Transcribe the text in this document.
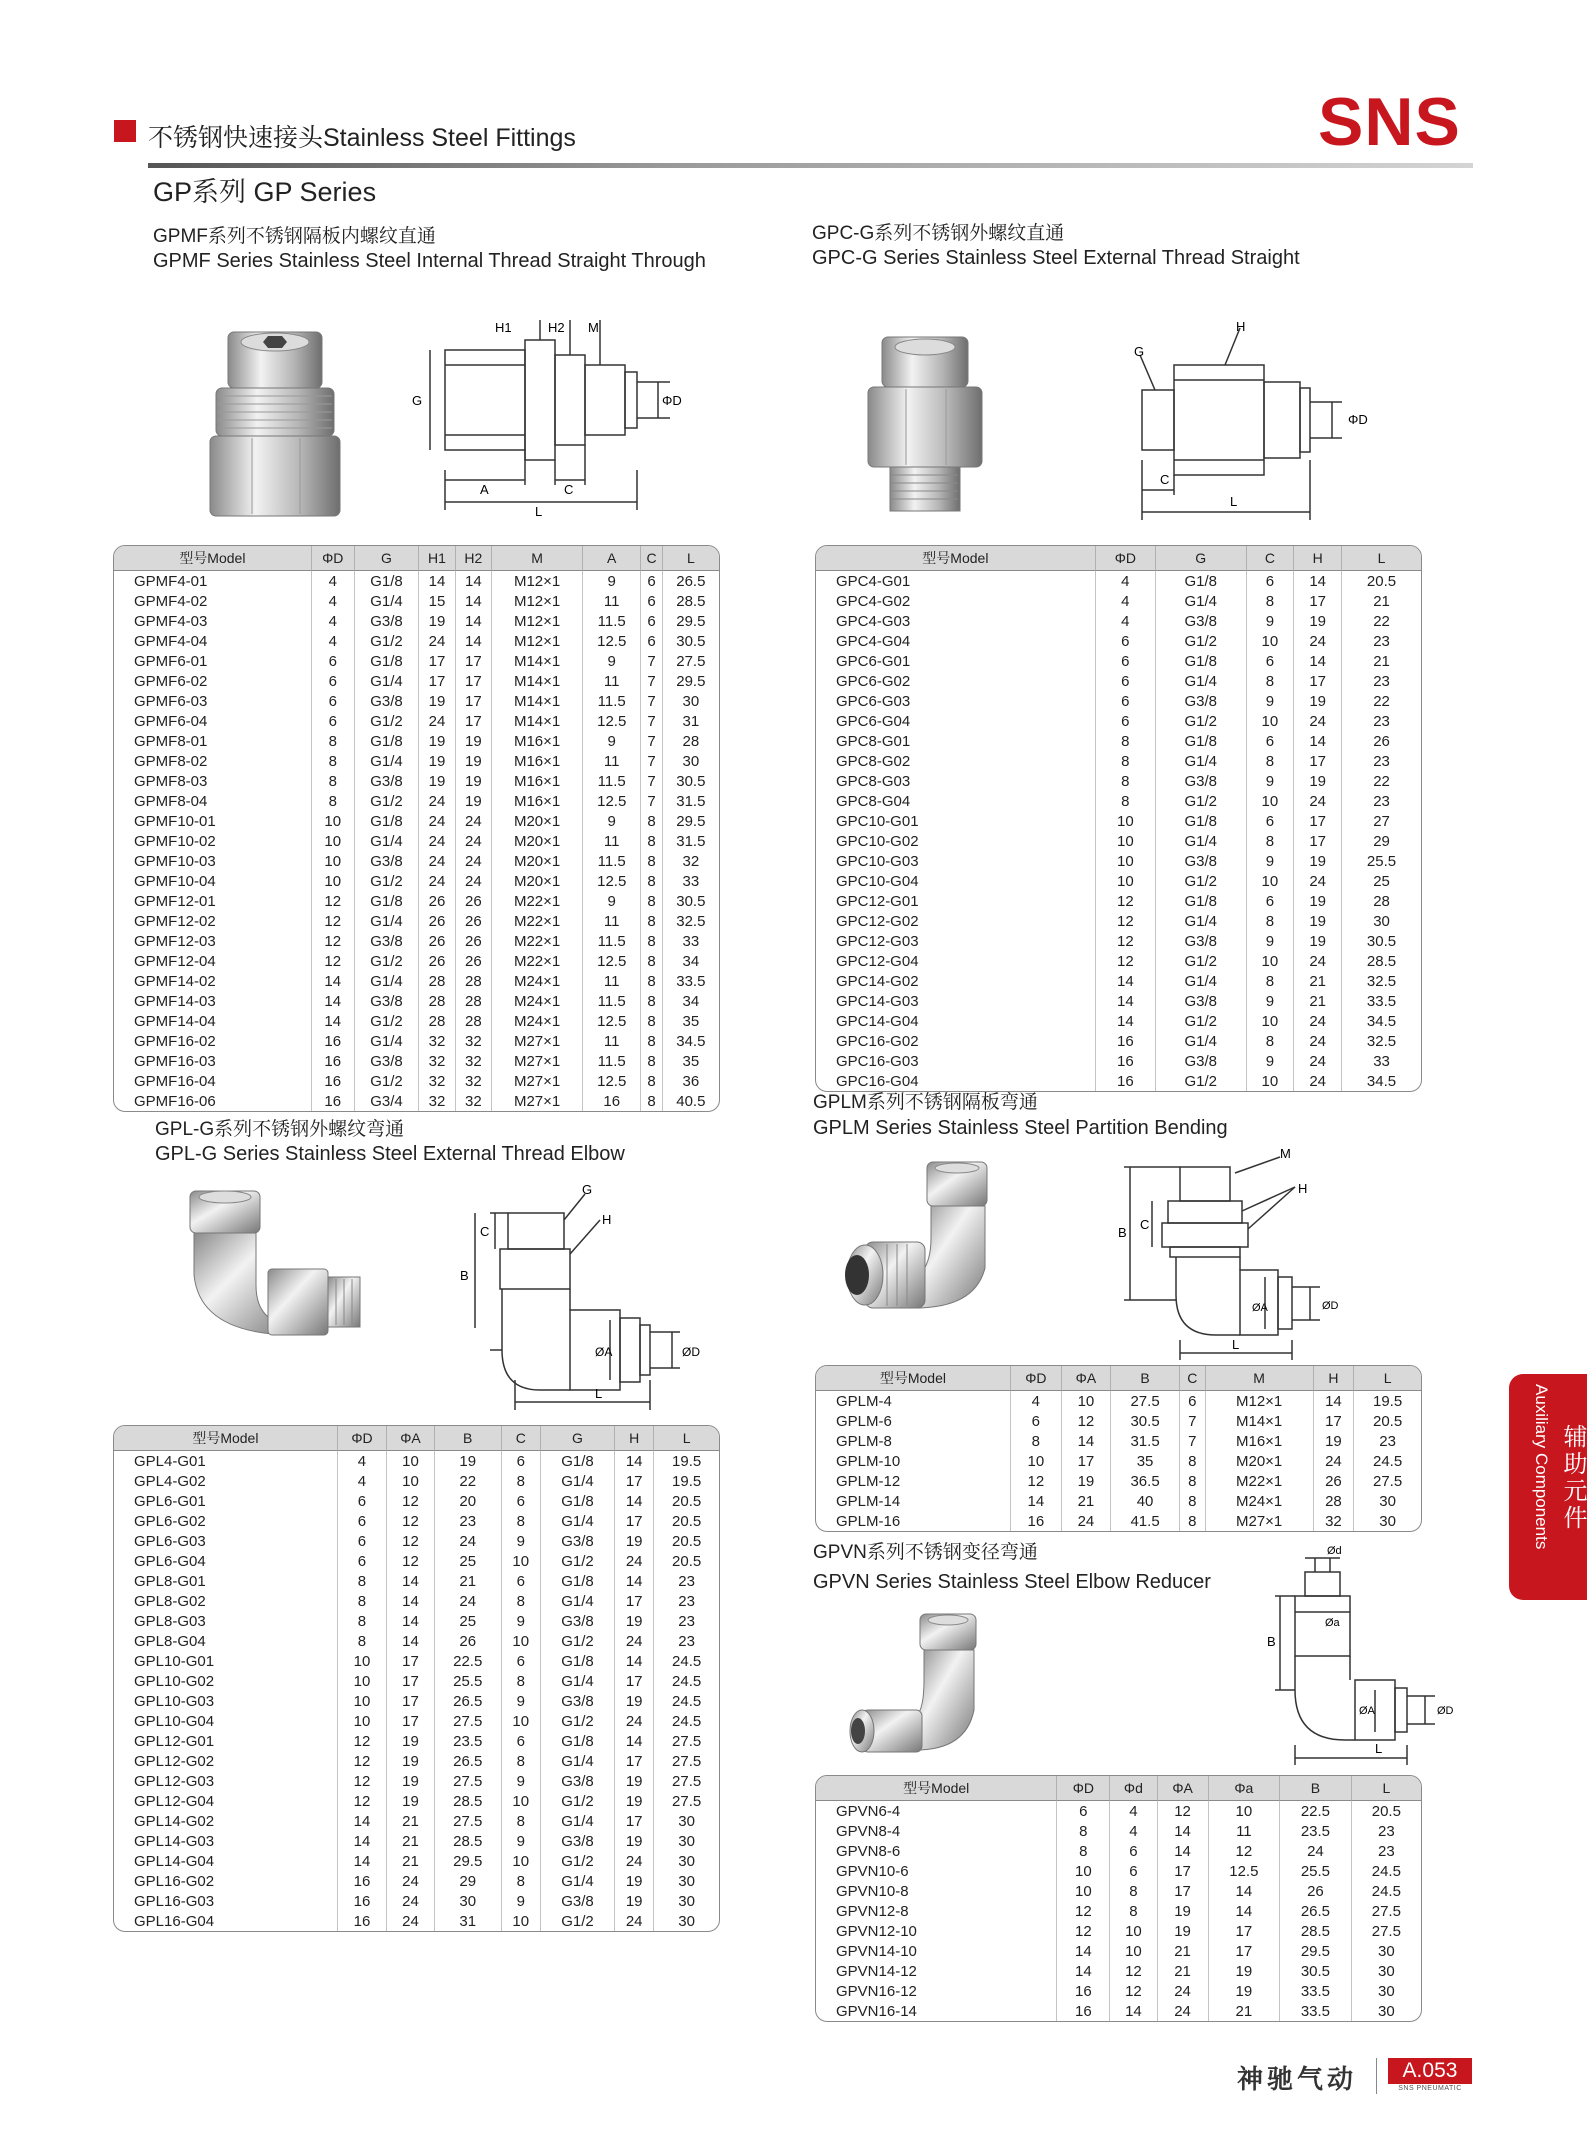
不锈钢快速接头Stainless Steel Fittings	SNS
GP系列 GP Series
GPMF系列不锈钢隔板内螺纹直通
GPMF Series Stainless Steel Internal Thread Straight Through
H1	H2 M
G	ΦD
A	C
L
型号Model	ΦD	G	H1	H2	M	A	C	L
GPMF4-01	4	G1/8	14	14	M12×1	9	6	26.5
GPMF4-02	4	G1/4	15	14	M12×1	11	6	28.5
GPMF4-03	4	G3/8	19	14	M12×1	11.5	6	29.5
GPMF4-04	4	G1/2	24	14	M12×1	12.5	6	30.5
GPMF6-01	6	G1/8	17	17	M14×1	9	7	27.5
GPMF6-02	6	G1/4	17	17	M14×1	11	7	29.5
GPMF6-03	6	G3/8	19	17	M14×1	11.5	7	30
GPMF6-04	6	G1/2	24	17	M14×1	12.5	7	31
GPMF8-01	8	G1/8	19	19	M16×1	9	7	28
GPMF8-02	8	G1/4	19	19	M16×1	11	7	30
GPMF8-03	8	G3/8	19	19	M16×1	11.5	7	30.5
GPMF8-04	8	G1/2	24	19	M16×1	12.5	7	31.5
GPMF10-01	10	G1/8	24	24	M20×1	9	8	29.5
GPMF10-02	10	G1/4	24	24	M20×1	11	8	31.5
GPMF10-03	10	G3/8	24	24	M20×1	11.5	8	32
GPMF10-04	10	G1/2	24	24	M20×1	12.5	8	33
GPMF12-01	12	G1/8	26	26	M22×1	9	8	30.5
GPMF12-02	12	G1/4	26	26	M22×1	11	8	32.5
GPMF12-03	12	G3/8	26	26	M22×1	11.5	8	33
GPMF12-04	12	G1/2	26	26	M22×1	12.5	8	34
GPMF14-02	14	G1/4	28	28	M24×1	11	8	33.5
GPMF14-03	14	G3/8	28	28	M24×1	11.5	8	34
GPMF14-04	14	G1/2	28	28	M24×1	12.5	8	35
GPMF16-02	16	G1/4	32	32	M27×1	11	8	34.5
GPMF16-03	16	G3/8	32	32	M27×1	11.5	8	35
GPMF16-04	16	G1/2	32	32	M27×1	12.5	8	36
GPMF16-06	16	G3/4	32	32	M27×1	16	8	40.5
GPC-G系列不锈钢外螺纹直通
GPC-G Series Stainless Steel External Thread Straight
H
G
ΦD
C
L
型号Model	ΦD	G	C	H	L
GPC4-G01	4	G1/8	6	14	20.5
GPC4-G02	4	G1/4	8	17	21
GPC4-G03	4	G3/8	9	19	22
GPC4-G04	6	G1/2	10	24	23
GPC6-G01	6	G1/8	6	14	21
GPC6-G02	6	G1/4	8	17	23
GPC6-G03	6	G3/8	9	19	22
GPC6-G04	6	G1/2	10	24	23
GPC8-G01	8	G1/8	6	14	26
GPC8-G02	8	G1/4	8	17	23
GPC8-G03	8	G3/8	9	19	22
GPC8-G04	8	G1/2	10	24	23
GPC10-G01	10	G1/8	6	17	27
GPC10-G02	10	G1/4	8	17	29
GPC10-G03	10	G3/8	9	19	25.5
GPC10-G04	10	G1/2	10	24	25
GPC12-G01	12	G1/8	6	19	28
GPC12-G02	12	G1/4	8	19	30
GPC12-G03	12	G3/8	9	19	30.5
GPC12-G04	12	G1/2	10	24	28.5
GPC14-G02	14	G1/4	8	21	32.5
GPC14-G03	14	G3/8	9	21	33.5
GPC14-G04	14	G1/2	10	24	34.5
GPC16-G02	16	G1/4	8	24	32.5
GPC16-G03	16	G3/8	9	24	33
GPC16-G04	16	G1/2	10	24	34.5
GPL-G系列不锈钢外螺纹弯通
GPL-G Series Stainless Steel External Thread Elbow
G
H
C
B
ØA	ØD
L
型号Model	ΦD	ΦA	B	C	G	H	L
GPL4-G01	4	10	19	6	G1/8	14	19.5
GPL4-G02	4	10	22	8	G1/4	17	19.5
GPL6-G01	6	12	20	6	G1/8	14	20.5
GPL6-G02	6	12	23	8	G1/4	17	20.5
GPL6-G03	6	12	24	9	G3/8	19	20.5
GPL6-G04	6	12	25	10	G1/2	24	20.5
GPL8-G01	8	14	21	6	G1/8	14	23
GPL8-G02	8	14	24	8	G1/4	17	23
GPL8-G03	8	14	25	9	G3/8	19	23
GPL8-G04	8	14	26	10	G1/2	24	23
GPL10-G01	10	17	22.5	6	G1/8	14	24.5
GPL10-G02	10	17	25.5	8	G1/4	17	24.5
GPL10-G03	10	17	26.5	9	G3/8	19	24.5
GPL10-G04	10	17	27.5	10	G1/2	24	24.5
GPL12-G01	12	19	23.5	6	G1/8	14	27.5
GPL12-G02	12	19	26.5	8	G1/4	17	27.5
GPL12-G03	12	19	27.5	9	G3/8	19	27.5
GPL12-G04	12	19	28.5	10	G1/2	19	27.5
GPL14-G02	14	21	27.5	8	G1/4	17	30
GPL14-G03	14	21	28.5	9	G3/8	19	30
GPL14-G04	14	21	29.5	10	G1/2	24	30
GPL16-G02	16	24	29	8	G1/4	19	30
GPL16-G03	16	24	30	9	G3/8	19	30
GPL16-G04	16	24	31	10	G1/2	24	30
GPLM系列不锈钢隔板弯通
GPLM Series Stainless Steel Partition Bending
M
H
B
C
ØA	ØD
L
型号Model	ΦD	ΦA	B	C	M	H	L
GPLM-4	4	10	27.5	6	M12×1	14	19.5
GPLM-6	6	12	30.5	7	M14×1	17	20.5
GPLM-8	8	14	31.5	7	M16×1	19	23
GPLM-10	10	17	35	8	M20×1	24	24.5
GPLM-12	12	19	36.5	8	M22×1	26	27.5
GPLM-14	14	21	40	8	M24×1	28	30
GPLM-16	16	24	41.5	8	M27×1	32	30
GPVN系列不锈钢变径弯通
GPVN Series Stainless Steel Elbow Reducer
Ød
Øa
B
ØA	ØD
L
型号Model	ΦD	Φd	ΦA	Φa	B	L
GPVN6-4	6	4	12	10	22.5	20.5
GPVN8-4	8	4	14	11	23.5	23
GPVN8-6	8	6	14	12	24	23
GPVN10-6	10	6	17	12.5	25.5	24.5
GPVN10-8	10	8	17	14	26	24.5
GPVN12-8	12	8	19	14	26.5	27.5
GPVN12-10	12	10	19	17	28.5	27.5
GPVN14-10	14	10	21	17	29.5	30
GPVN14-12	14	12	21	19	30.5	30
GPVN16-12	16	12	24	19	33.5	30
GPVN16-14	16	14	24	21	33.5	30
Auxiliary Components 辅助元件
神驰气动	A.053
SNS PNEUMATIC
